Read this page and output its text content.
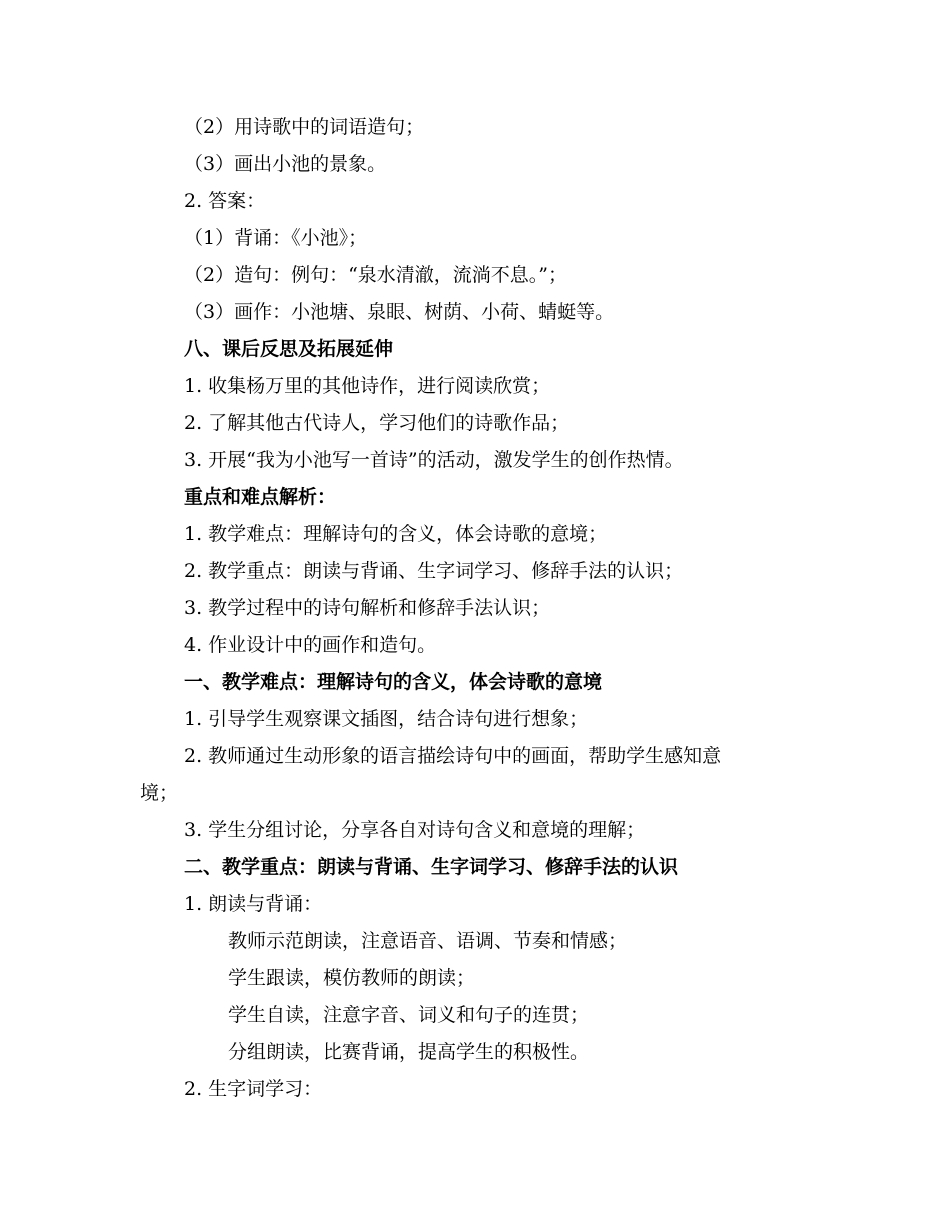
（2）用诗歌中的词语造句；
（3）画出小池的景象。
2. 答案：
（1）背诵：《小池》；
（2）造句：例句：“泉水清澈，流淌不息。”；
（3）画作：小池塘、泉眼、树荫、小荷、蜻蜓等。
八、课后反思及拓展延伸
1. 收集杨万里的其他诗作，进行阅读欣赏；
2. 了解其他古代诗人，学习他们的诗歌作品；
3. 开展“我为小池写一首诗”的活动，激发学生的创作热情。
重点和难点解析：
1. 教学难点：理解诗句的含义，体会诗歌的意境；
2. 教学重点：朗读与背诵、生字词学习、修辞手法的认识；
3. 教学过程中的诗句解析和修辞手法认识；
4. 作业设计中的画作和造句。
一、教学难点：理解诗句的含义，体会诗歌的意境
1. 引导学生观察课文插图，结合诗句进行想象；
2. 教师通过生动形象的语言描绘诗句中的画面，帮助学生感知意
境；
3. 学生分组讨论，分享各自对诗句含义和意境的理解；
二、教学重点：朗读与背诵、生字词学习、修辞手法的认识
1. 朗读与背诵：
教师示范朗读，注意语音、语调、节奏和情感；
学生跟读，模仿教师的朗读；
学生自读，注意字音、词义和句子的连贯；
分组朗读，比赛背诵，提高学生的积极性。
2. 生字词学习：
